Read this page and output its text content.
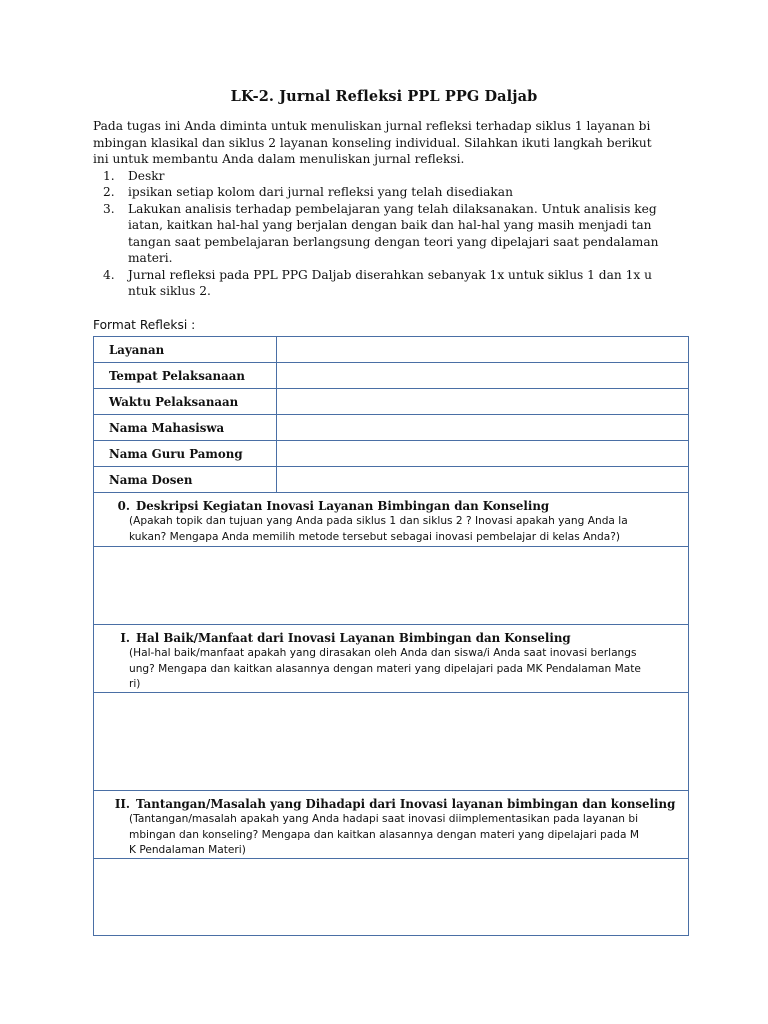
LK-2. Jurnal Refleksi PPL PPG Daljab

Pada tugas ini Anda diminta untuk menuliskan jurnal refleksi terhadap siklus 1 layanan bi
mbingan klasikal dan siklus 2 layanan konseling individual. Silahkan ikuti langkah berikut
ini untuk membantu Anda dalam menuliskan jurnal refleksi.

1. Deskr
2. ipsikan setiap kolom dari jurnal refleksi yang telah disediakan
3. Lakukan analisis terhadap pembelajaran yang telah dilaksanakan. Untuk analisis keg
iatan, kaitkan hal-hal yang berjalan dengan baik dan hal-hal yang masih menjadi tan
tangan saat pembelajaran berlangsung dengan teori yang dipelajari saat pendalaman
materi.
4. Jurnal refleksi pada PPL PPG Daljab diserahkan sebanyak 1x untuk siklus 1 dan 1x u
ntuk siklus 2.
Format Refleksi :
Layanan
Tempat Pelaksanaan
Waktu Pelaksanaan
Nama Mahasiswa
Nama Guru Pamong
Nama Dosen
0. Deskripsi Kegiatan Inovasi Layanan Bimbingan dan Konseling
(Apakah topik dan tujuan yang Anda pada siklus 1 dan siklus 2 ? Inovasi apakah yang Anda la
kukan? Mengapa Anda memilih metode tersebut sebagai inovasi pembelajar di kelas Anda?)
I. Hal Baik/Manfaat dari Inovasi Layanan Bimbingan dan Konseling
(Hal-hal baik/manfaat apakah yang dirasakan oleh Anda dan siswa/i Anda saat inovasi berlangs
ung? Mengapa dan kaitkan alasannya dengan materi yang dipelajari pada MK Pendalaman Mate
ri)
II. Tantangan/Masalah yang Dihadapi dari Inovasi layanan bimbingan dan konseling
(Tantangan/masalah apakah yang Anda hadapi saat inovasi diimplementasikan pada layanan bi
mbingan dan konseling? Mengapa dan kaitkan alasannya dengan materi yang dipelajari pada M
K Pendalaman Materi)
